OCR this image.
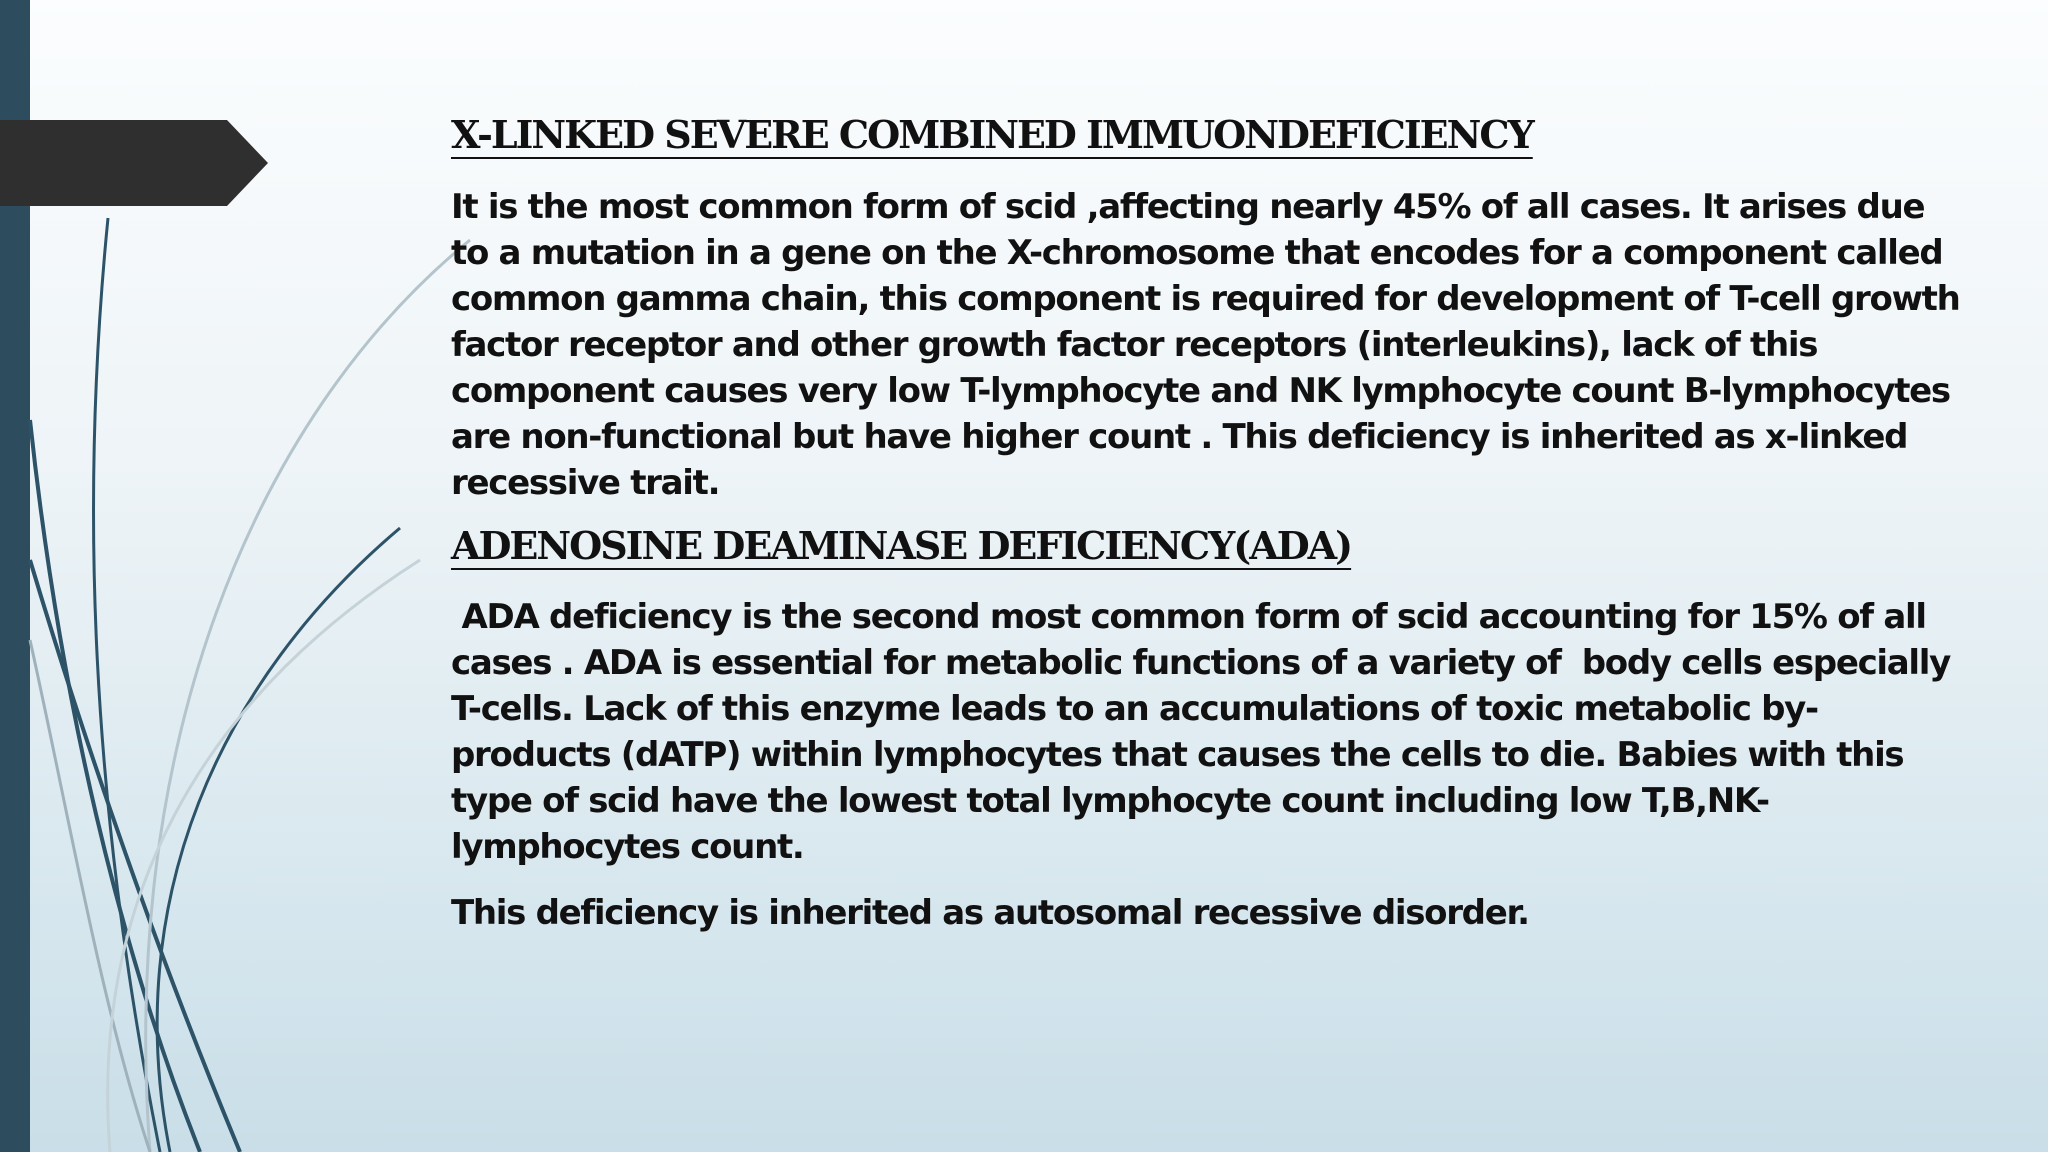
X-LINKED SEVERE COMBINED IMMUONDEFICIENCY

It is the most common form of scid ,affecting nearly 45% of all cases. It arises due to a mutation in a gene on the X-chromosome that encodes for a component called common gamma chain, this component is required for development of T-cell growth factor receptor and other growth factor receptors (interleukins), lack of this component causes very low T-lymphocyte and NK lymphocyte count B-lymphocytes are non-functional but have higher count . This deficiency is inherited as x-linked recessive trait.

ADENOSINE DEAMINASE DEFICIENCY(ADA)

ADA deficiency is the second most common form of scid accounting for 15% of all cases . ADA is essential for metabolic functions of a variety of  body cells especially T-cells. Lack of this enzyme leads to an accumulations of toxic metabolic by-products (dATP) within lymphocytes that causes the cells to die. Babies with this type of scid have the lowest total lymphocyte count including low T,B,NK-lymphocytes count.

This deficiency is inherited as autosomal recessive disorder.
